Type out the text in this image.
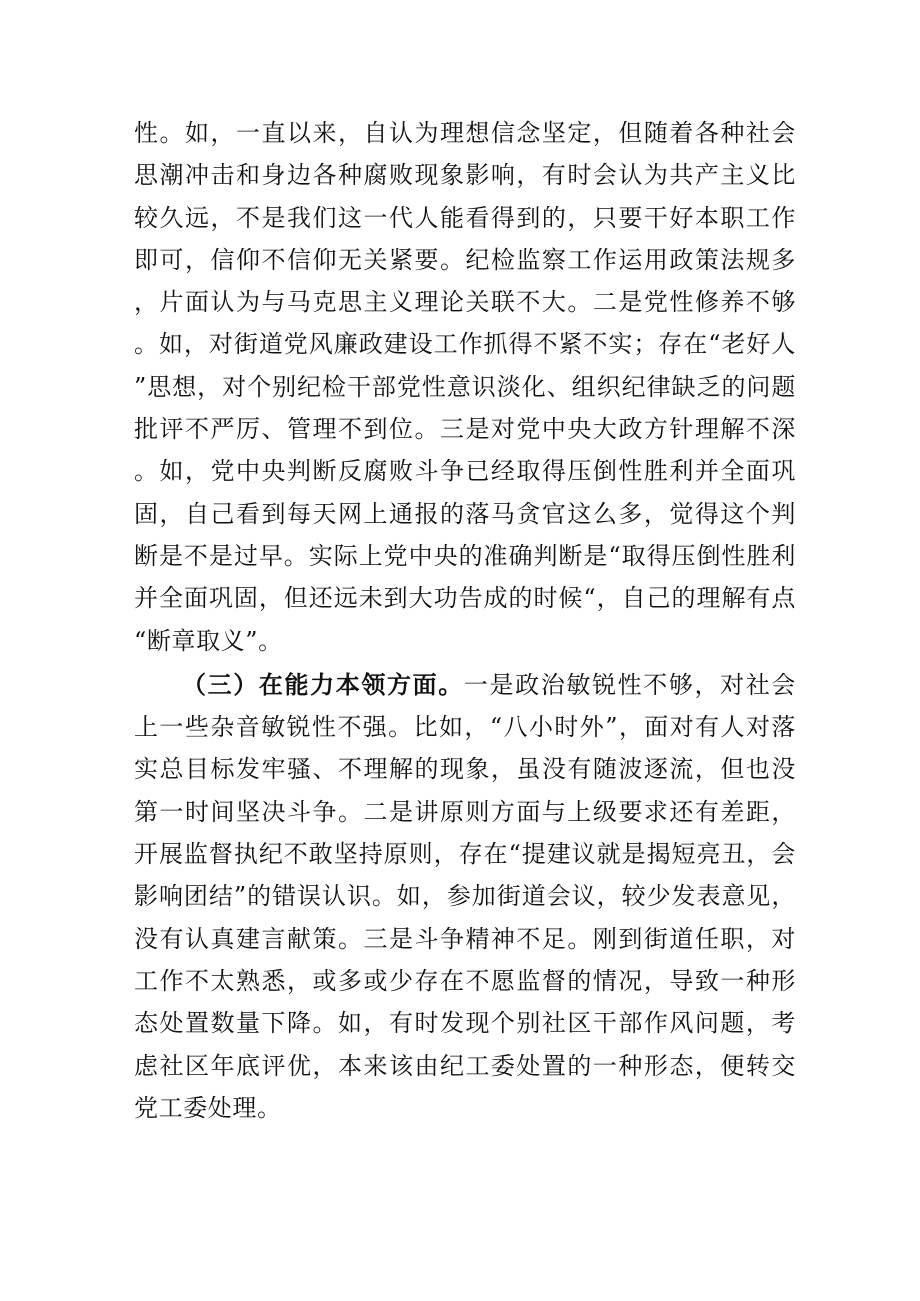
性。如，一直以来，自认为理想信念坚定，但随着各种社会思潮冲击和身边各种腐败现象影响，有时会认为共产主义比较久远，不是我们这一代人能看得到的，只要干好本职工作即可，信仰不信仰无关紧要。纪检监察工作运用政策法规多，片面认为与马克思主义理论关联不大。二是党性修养不够。如，对街道党风廉政建设工作抓得不紧不实；存在“老好人”思想，对个别纪检干部党性意识淡化、组织纪律缺乏的问题批评不严厉、管理不到位。三是对党中央大政方针理解不深。如，党中央判断反腐败斗争已经取得压倒性胜利并全面巩固，自己看到每天网上通报的落马贪官这么多，觉得这个判断是不是过早。实际上党中央的准确判断是“取得压倒性胜利并全面巩固，但还远未到大功告成的时候“，自己的理解有点“断章取义”。

（三）在能力本领方面。一是政治敏锐性不够，对社会上一些杂音敏锐性不强。比如，“八小时外”，面对有人对落实总目标发牢骚、不理解的现象，虽没有随波逐流，但也没第一时间坚决斗争。二是讲原则方面与上级要求还有差距，开展监督执纪不敢坚持原则，存在“提建议就是揭短亮丑，会影响团结”的错误认识。如，参加街道会议，较少发表意见，没有认真建言献策。三是斗争精神不足。刚到街道任职，对工作不太熟悉，或多或少存在不愿监督的情况，导致一种形态处置数量下降。如，有时发现个别社区干部作风问题，考虑社区年底评优，本来该由纪工委处置的一种形态，便转交党工委处理。
